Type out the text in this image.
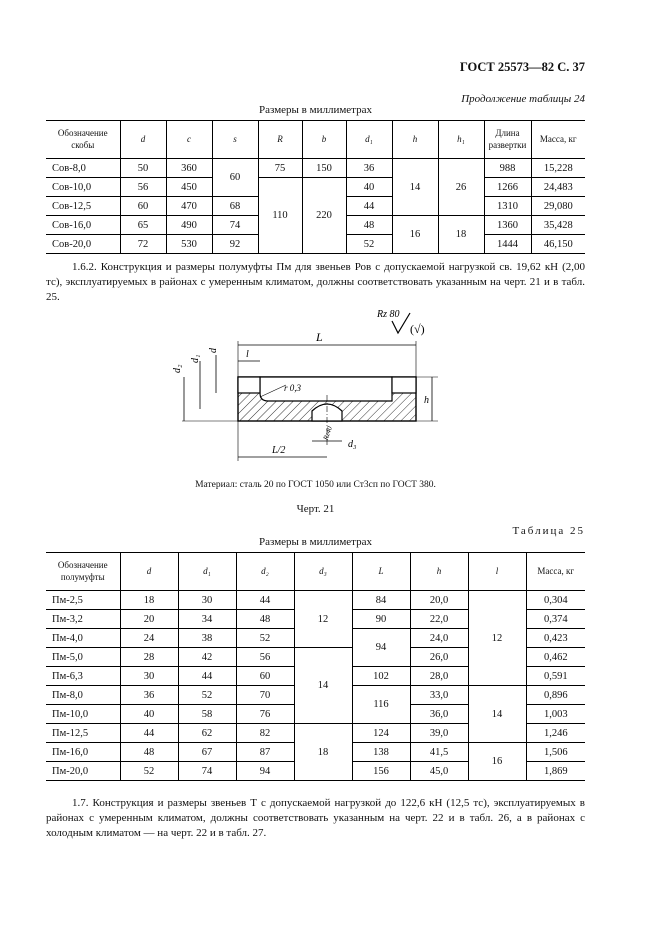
ГОСТ 25573—82 С. 37
Продолжение таблицы 24
Размеры в миллиметрах
Обозначение скобы	d	c	s	R	b	d₁	h	h₁	Длина развертки	Масса, кг
Сов-8,0	50	360	60	75	150	36	14	26	988	15,228
Сов-10,0	56	450		110	220	40			1266	24,483
Сов-12,5	60	470	68			44			1310	29,080
Сов-16,0	65	490	74			48	16	18	1360	35,428
Сов-20,0	72	530	92			52			1444	46,150

1.6.2. Конструкция и размеры полумуфты Пм для звеньев Ров с допускаемой нагрузкой св. 19,62 кН (2,00 тс), эксплуатируемых в районах с умеренным климатом, должны соответствовать указанным на черт. 21 и в табл. 25.

Rz 80
(√)
L
l
d₂
d₁
d
r 0,3
h
Rz40
d₃
L/2
Материал: сталь 20 по ГОСТ 1050 или Ст3сп по ГОСТ 380.
Черт. 21
Таблица 25
Размеры в миллиметрах
Обозначение полумуфты	d	d₁	d₂	d₃	L	h	l	Масса, кг
Пм-2,5	18	30	44	12	84	20,0	12	0,304
Пм-3,2	20	34	48		90	22,0		0,374
Пм-4,0	24	38	52		94	24,0		0,423
Пм-5,0	28	42	56	14		26,0		0,462
Пм-6,3	30	44	60		102	28,0		0,591
Пм-8,0	36	52	70		116	33,0	14	0,896
Пм-10,0	40	58	76			36,0		1,003
Пм-12,5	44	62	82	18	124	39,0		1,246
Пм-16,0	48	67	87		138	41,5	16	1,506
Пм-20,0	52	74	94		156	45,0		1,869

1.7. Конструкция и размеры звеньев Т с допускаемой нагрузкой до 122,6 кН (12,5 тс), эксплуатируемых в районах с умеренным климатом, должны соответствовать указанным на черт. 22 и в табл. 26, а в районах с холодным климатом — на черт. 22 и в табл. 27.
